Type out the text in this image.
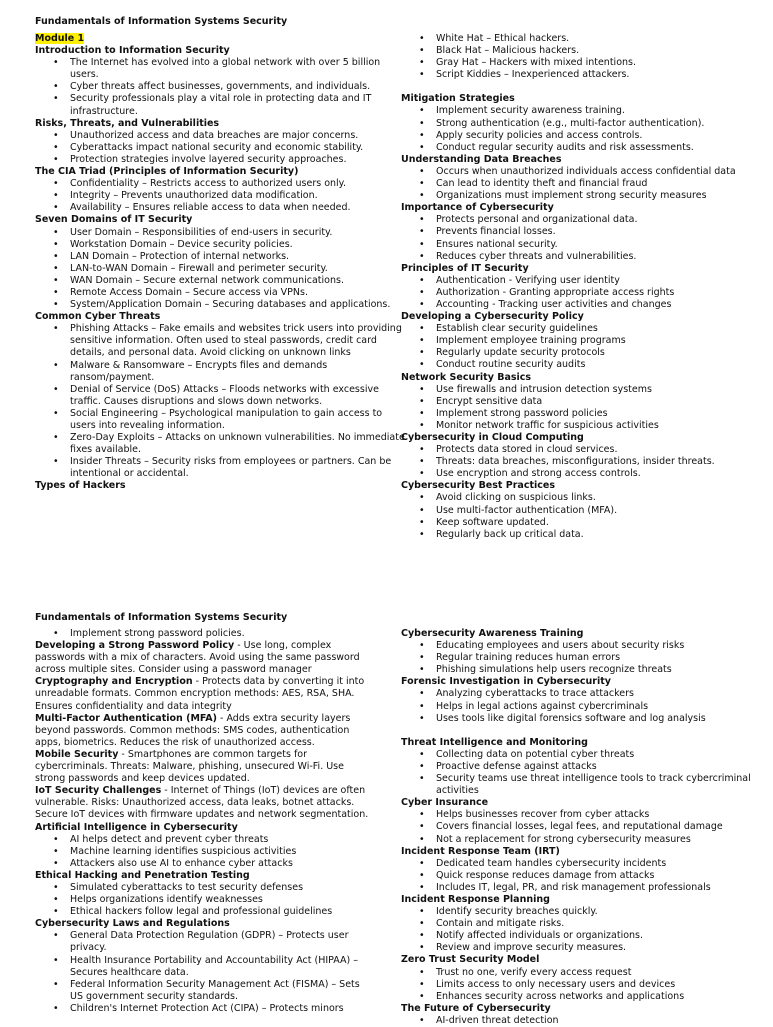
Fundamentals of Information Systems Security
Module 1
Introduction to Information Security
• The Internet has evolved into a global network with over 5 billion users.
• Cyber threats affect businesses, governments, and individuals.
• Security professionals play a vital role in protecting data and IT infrastructure.
Risks, Threats, and Vulnerabilities
• Unauthorized access and data breaches are major concerns.
• Cyberattacks impact national security and economic stability.
• Protection strategies involve layered security approaches.
The CIA Triad (Principles of Information Security)
• Confidentiality – Restricts access to authorized users only.
• Integrity – Prevents unauthorized data modification.
• Availability – Ensures reliable access to data when needed.
Seven Domains of IT Security
• User Domain – Responsibilities of end-users in security.
• Workstation Domain – Device security policies.
• LAN Domain – Protection of internal networks.
• LAN-to-WAN Domain – Firewall and perimeter security.
• WAN Domain – Secure external network communications.
• Remote Access Domain – Secure access via VPNs.
• System/Application Domain – Securing databases and applications.
Common Cyber Threats
• Phishing Attacks – Fake emails and websites trick users into providing sensitive information. Often used to steal passwords, credit card details, and personal data. Avoid clicking on unknown links
• Malware & Ransomware – Encrypts files and demands ransom/payment.
• Denial of Service (DoS) Attacks – Floods networks with excessive traffic. Causes disruptions and slows down networks.
• Social Engineering – Psychological manipulation to gain access to users into revealing information.
• Zero-Day Exploits – Attacks on unknown vulnerabilities. No immediate fixes available.
• Insider Threats – Security risks from employees or partners. Can be intentional or accidental.
Types of Hackers
• White Hat – Ethical hackers.
• Black Hat – Malicious hackers.
• Gray Hat – Hackers with mixed intentions.
• Script Kiddies – Inexperienced attackers.
Mitigation Strategies
• Implement security awareness training.
• Strong authentication (e.g., multi-factor authentication).
• Apply security policies and access controls.
• Conduct regular security audits and risk assessments.
Understanding Data Breaches
• Occurs when unauthorized individuals access confidential data
• Can lead to identity theft and financial fraud
• Organizations must implement strong security measures
Importance of Cybersecurity
• Protects personal and organizational data.
• Prevents financial losses.
• Ensures national security.
• Reduces cyber threats and vulnerabilities.
Principles of IT Security
• Authentication - Verifying user identity
• Authorization - Granting appropriate access rights
• Accounting - Tracking user activities and changes
Developing a Cybersecurity Policy
• Establish clear security guidelines
• Implement employee training programs
• Regularly update security protocols
• Conduct routine security audits
Network Security Basics
• Use firewalls and intrusion detection systems
• Encrypt sensitive data
• Implement strong password policies
• Monitor network traffic for suspicious activities
Cybersecurity in Cloud Computing
• Protects data stored in cloud services.
• Threats: data breaches, misconfigurations, insider threats.
• Use encryption and strong access controls.
Cybersecurity Best Practices
• Avoid clicking on suspicious links.
• Use multi-factor authentication (MFA).
• Keep software updated.
• Regularly back up critical data.
Fundamentals of Information Systems Security
• Implement strong password policies.

Developing a Strong Password Policy - Use long, complex passwords with a mix of characters. Avoid using the same password across multiple sites. Consider using a password manager

Cryptography and Encryption - Protects data by converting it into unreadable formats. Common encryption methods: AES, RSA, SHA. Ensures confidentiality and data integrity

Multi-Factor Authentication (MFA) - Adds extra security layers beyond passwords. Common methods: SMS codes, authentication apps, biometrics. Reduces the risk of unauthorized access.

Mobile Security - Smartphones are common targets for cybercriminals. Threats: Malware, phishing, unsecured Wi-Fi. Use strong passwords and keep devices updated.

IoT Security Challenges - Internet of Things (IoT) devices are often vulnerable. Risks: Unauthorized access, data leaks, botnet attacks. Secure IoT devices with firmware updates and network segmentation.

Artificial Intelligence in Cybersecurity
• AI helps detect and prevent cyber threats
• Machine learning identifies suspicious activities
• Attackers also use AI to enhance cyber attacks
Ethical Hacking and Penetration Testing
• Simulated cyberattacks to test security defenses
• Helps organizations identify weaknesses
• Ethical hackers follow legal and professional guidelines
Cybersecurity Laws and Regulations
• General Data Protection Regulation (GDPR) – Protects user privacy.
• Health Insurance Portability and Accountability Act (HIPAA) – Secures healthcare data.
• Federal Information Security Management Act (FISMA) – Sets US government security standards.
• Children's Internet Protection Act (CIPA) – Protects minors
Cybersecurity Awareness Training
• Educating employees and users about security risks
• Regular training reduces human errors
• Phishing simulations help users recognize threats
Forensic Investigation in Cybersecurity
• Analyzing cyberattacks to trace attackers
• Helps in legal actions against cybercriminals
• Uses tools like digital forensics software and log analysis
Threat Intelligence and Monitoring
• Collecting data on potential cyber threats
• Proactive defense against attacks
• Security teams use threat intelligence tools to track cybercriminal activities
Cyber Insurance
• Helps businesses recover from cyber attacks
• Covers financial losses, legal fees, and reputational damage
• Not a replacement for strong cybersecurity measures
Incident Response Team (IRT)
• Dedicated team handles cybersecurity incidents
• Quick response reduces damage from attacks
• Includes IT, legal, PR, and risk management professionals
Incident Response Planning
• Identify security breaches quickly.
• Contain and mitigate risks.
• Notify affected individuals or organizations.
• Review and improve security measures.
Zero Trust Security Model
• Trust no one, verify every access request
• Limits access to only necessary users and devices
• Enhances security across networks and applications
The Future of Cybersecurity
• AI-driven threat detection
